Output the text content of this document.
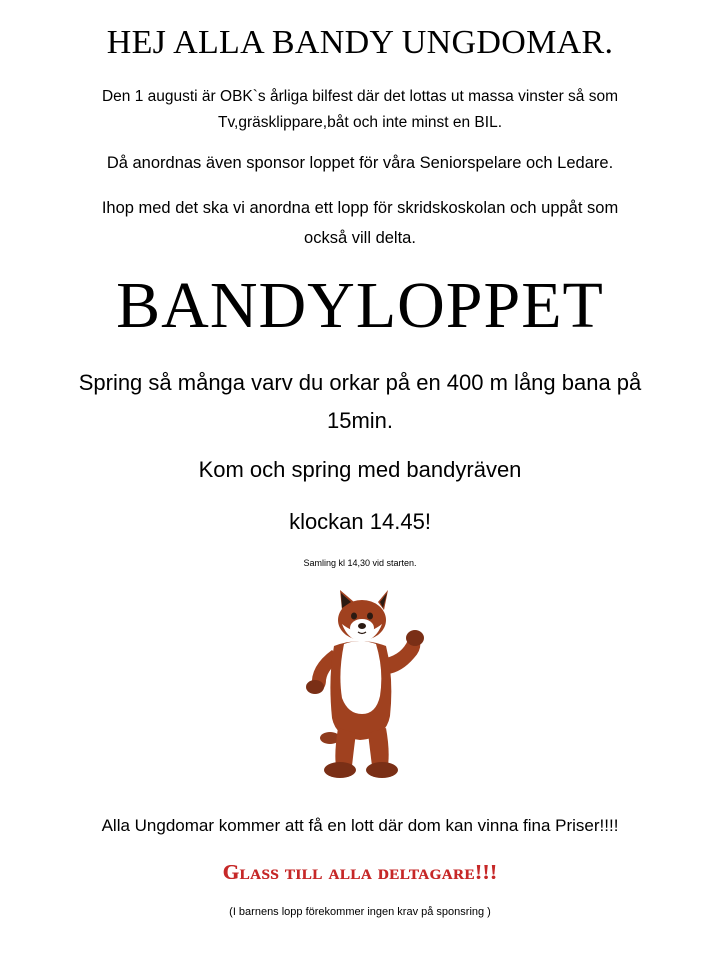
HEJ ALLA BANDY UNGDOMAR.
Den 1 augusti är OBK`s årliga bilfest där det lottas ut massa vinster så som
Tv,gräsklippare,båt och inte minst en BIL.
Då anordnas även sponsor loppet för våra Seniorspelare och Ledare.
Ihop med det ska vi anordna ett lopp för skridskoskolan och uppåt som
också vill delta.
BANDYLOPPET
Spring så många varv du orkar på en 400 m lång bana på
15min.
Kom och spring med bandyräven
klockan 14.45!
Samling kl 14,30 vid starten.
Alla Ungdomar kommer att få en lott där dom kan vinna fina Priser!!!!
Glass till alla deltagare!!!
(I barnens lopp förekommer ingen krav på sponsring )
